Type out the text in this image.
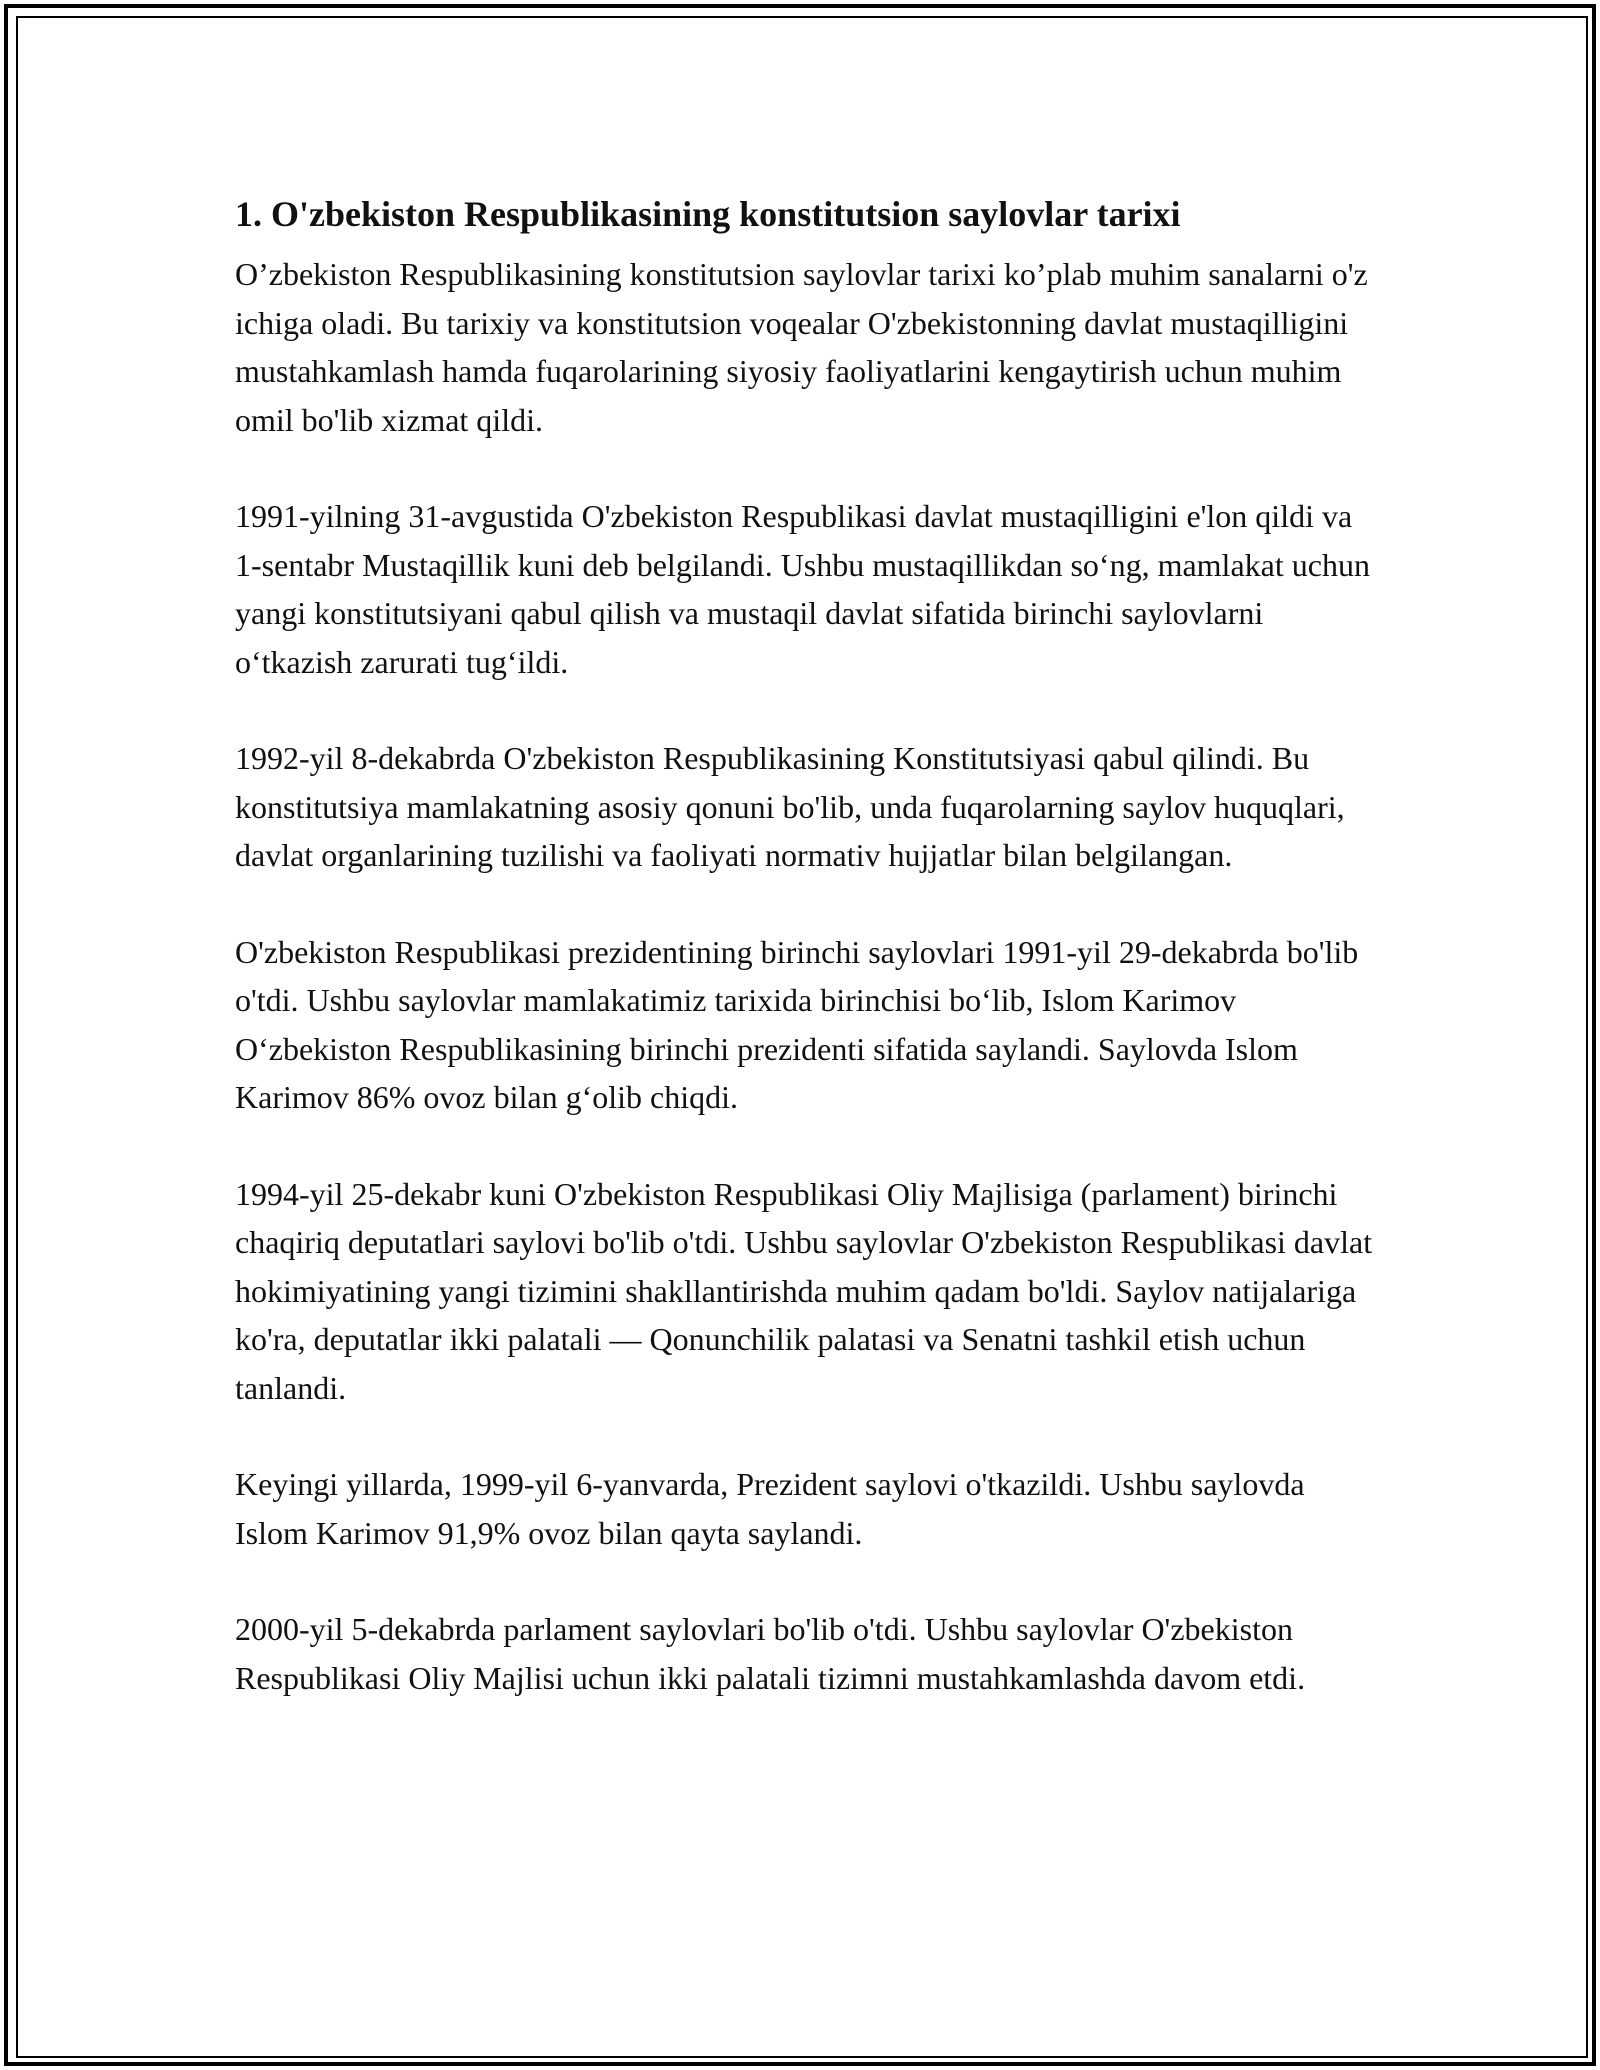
1. O'zbekiston Respublikasining konstitutsion saylovlar tarixi

O’zbekiston Respublikasining konstitutsion saylovlar tarixi ko’plab muhim sanalarni o'z ichiga oladi. Bu tarixiy va konstitutsion voqealar O'zbekistonning davlat mustaqilligini mustahkamlash hamda fuqarolarining siyosiy faoliyatlarini kengaytirish uchun muhim omil bo'lib xizmat qildi.

1991-yilning 31-avgustida O'zbekiston Respublikasi davlat mustaqilligini e'lon qildi va 1-sentabr Mustaqillik kuni deb belgilandi. Ushbu mustaqillikdan so‘ng, mamlakat uchun yangi konstitutsiyani qabul qilish va mustaqil davlat sifatida birinchi saylovlarni o‘tkazish zarurati tug‘ildi.

1992-yil 8-dekabrda O'zbekiston Respublikasining Konstitutsiyasi qabul qilindi. Bu konstitutsiya mamlakatning asosiy qonuni bo'lib, unda fuqarolarning saylov huquqlari, davlat organlarining tuzilishi va faoliyati normativ hujjatlar bilan belgilangan.

O'zbekiston Respublikasi prezidentining birinchi saylovlari 1991-yil 29-dekabrda bo'lib o'tdi. Ushbu saylovlar mamlakatimiz tarixida birinchisi bo‘lib, Islom Karimov O‘zbekiston Respublikasining birinchi prezidenti sifatida saylandi. Saylovda Islom Karimov 86% ovoz bilan g‘olib chiqdi.

1994-yil 25-dekabr kuni O'zbekiston Respublikasi Oliy Majlisiga (parlament) birinchi chaqiriq deputatlari saylovi bo'lib o'tdi. Ushbu saylovlar O'zbekiston Respublikasi davlat hokimiyatining yangi tizimini shakllantirishda muhim qadam bo'ldi. Saylov natijalariga ko'ra, deputatlar ikki palatali — Qonunchilik palatasi va Senatni tashkil etish uchun tanlandi.

Keyingi yillarda, 1999-yil 6-yanvarda, Prezident saylovi o'tkazildi. Ushbu saylovda Islom Karimov 91,9% ovoz bilan qayta saylandi.

2000-yil 5-dekabrda parlament saylovlari bo'lib o'tdi. Ushbu saylovlar O'zbekiston Respublikasi Oliy Majlisi uchun ikki palatali tizimni mustahkamlashda davom etdi.
